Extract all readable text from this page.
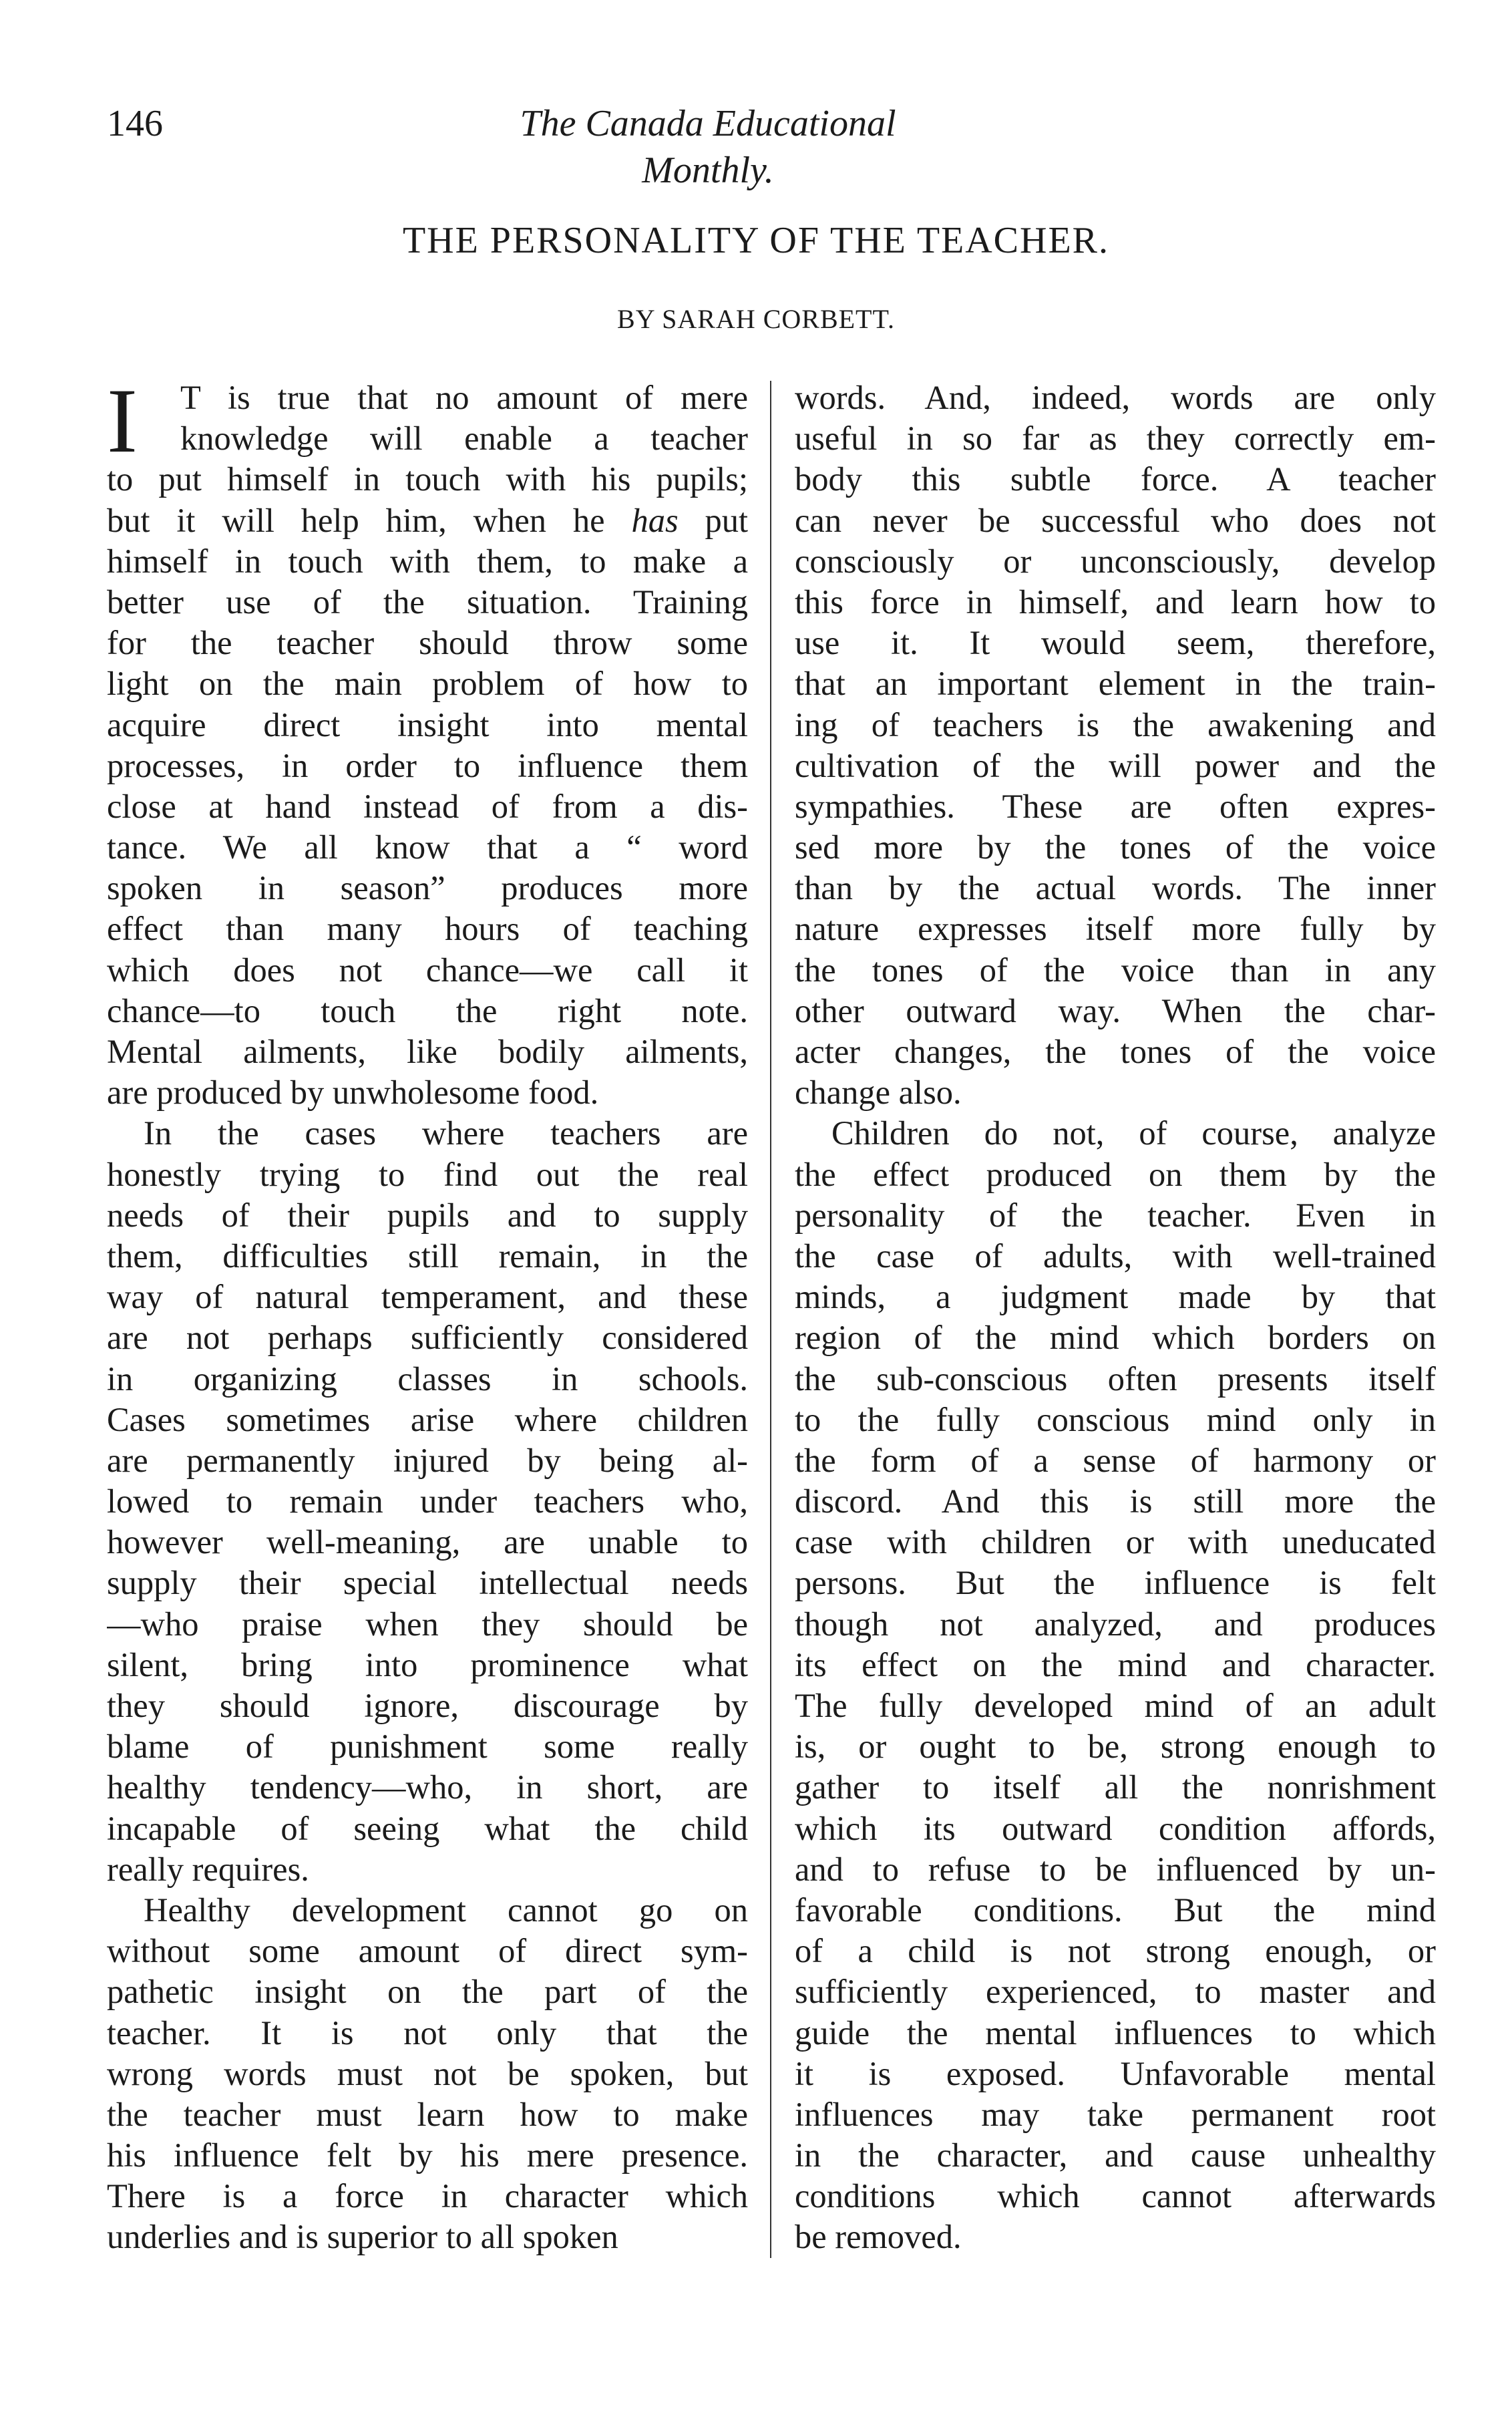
146	The Canada Educational Monthly.
THE PERSONALITY OF THE TEACHER.
BY SARAH CORBETT.
I	T is true that no amount of mere
knowledge will enable a teacher
to put himself in touch with his pupils;
but it will help him, when he has put
himself in touch with them, to make a
better use of the situation. Training
for the teacher should throw some
light on the main problem of how to
acquire direct insight into mental
processes, in order to influence them
close at hand instead of from a dis-
tance. We all know that a “ word
spoken in season” produces more
effect than many hours of teaching
which does not chance—we call it
chance—to touch the right note.
Mental ailments, like bodily ailments,
are produced by unwholesome food.
In the cases where teachers are
honestly trying to find out the real
needs of their pupils and to supply
them, difficulties still remain, in the
way of natural temperament, and these
are not perhaps sufficiently considered
in organizing classes in schools.
Cases sometimes arise where children
are permanently injured by being al-
lowed to remain under teachers who,
however well-meaning, are unable to
supply their special intellectual needs
—who praise when they should be
silent, bring into prominence what
they should ignore, discourage by
blame of punishment some really
healthy tendency—who, in short, are
incapable of seeing what the child
really requires.
Healthy development cannot go on
without some amount of direct sym-
pathetic insight on the part of the
teacher. It is not only that the
wrong words must not be spoken, but
the teacher must learn how to make
his influence felt by his mere presence.
There is a force in character which
underlies and is superior to all spoken
words. And, indeed, words are only
useful in so far as they correctly em-
body this subtle force. A teacher
can never be successful who does not
consciously or unconsciously, develop
this force in himself, and learn how to
use it. It would seem, therefore,
that an important element in the train-
ing of teachers is the awakening and
cultivation of the will power and the
sympathies. These are often expres-
sed more by the tones of the voice
than by the actual words. The inner
nature expresses itself more fully by
the tones of the voice than in any
other outward way. When the char-
acter changes, the tones of the voice
change also.
Children do not, of course, analyze
the effect produced on them by the
personality of the teacher. Even in
the case of adults, with well-trained
minds, a judgment made by that
region of the mind which borders on
the sub-conscious often presents itself
to the fully conscious mind only in
the form of a sense of harmony or
discord. And this is still more the
case with children or with uneducated
persons. But the influence is felt
though not analyzed, and produces
its effect on the mind and character.
The fully developed mind of an adult
is, or ought to be, strong enough to
gather to itself all the nonrishment
which its outward condition affords,
and to refuse to be influenced by un-
favorable conditions. But the mind
of a child is not strong enough, or
sufficiently experienced, to master and
guide the mental influences to which
it is exposed. Unfavorable mental
influences may take permanent root
in the character, and cause unhealthy
conditions which cannot afterwards
be removed.
